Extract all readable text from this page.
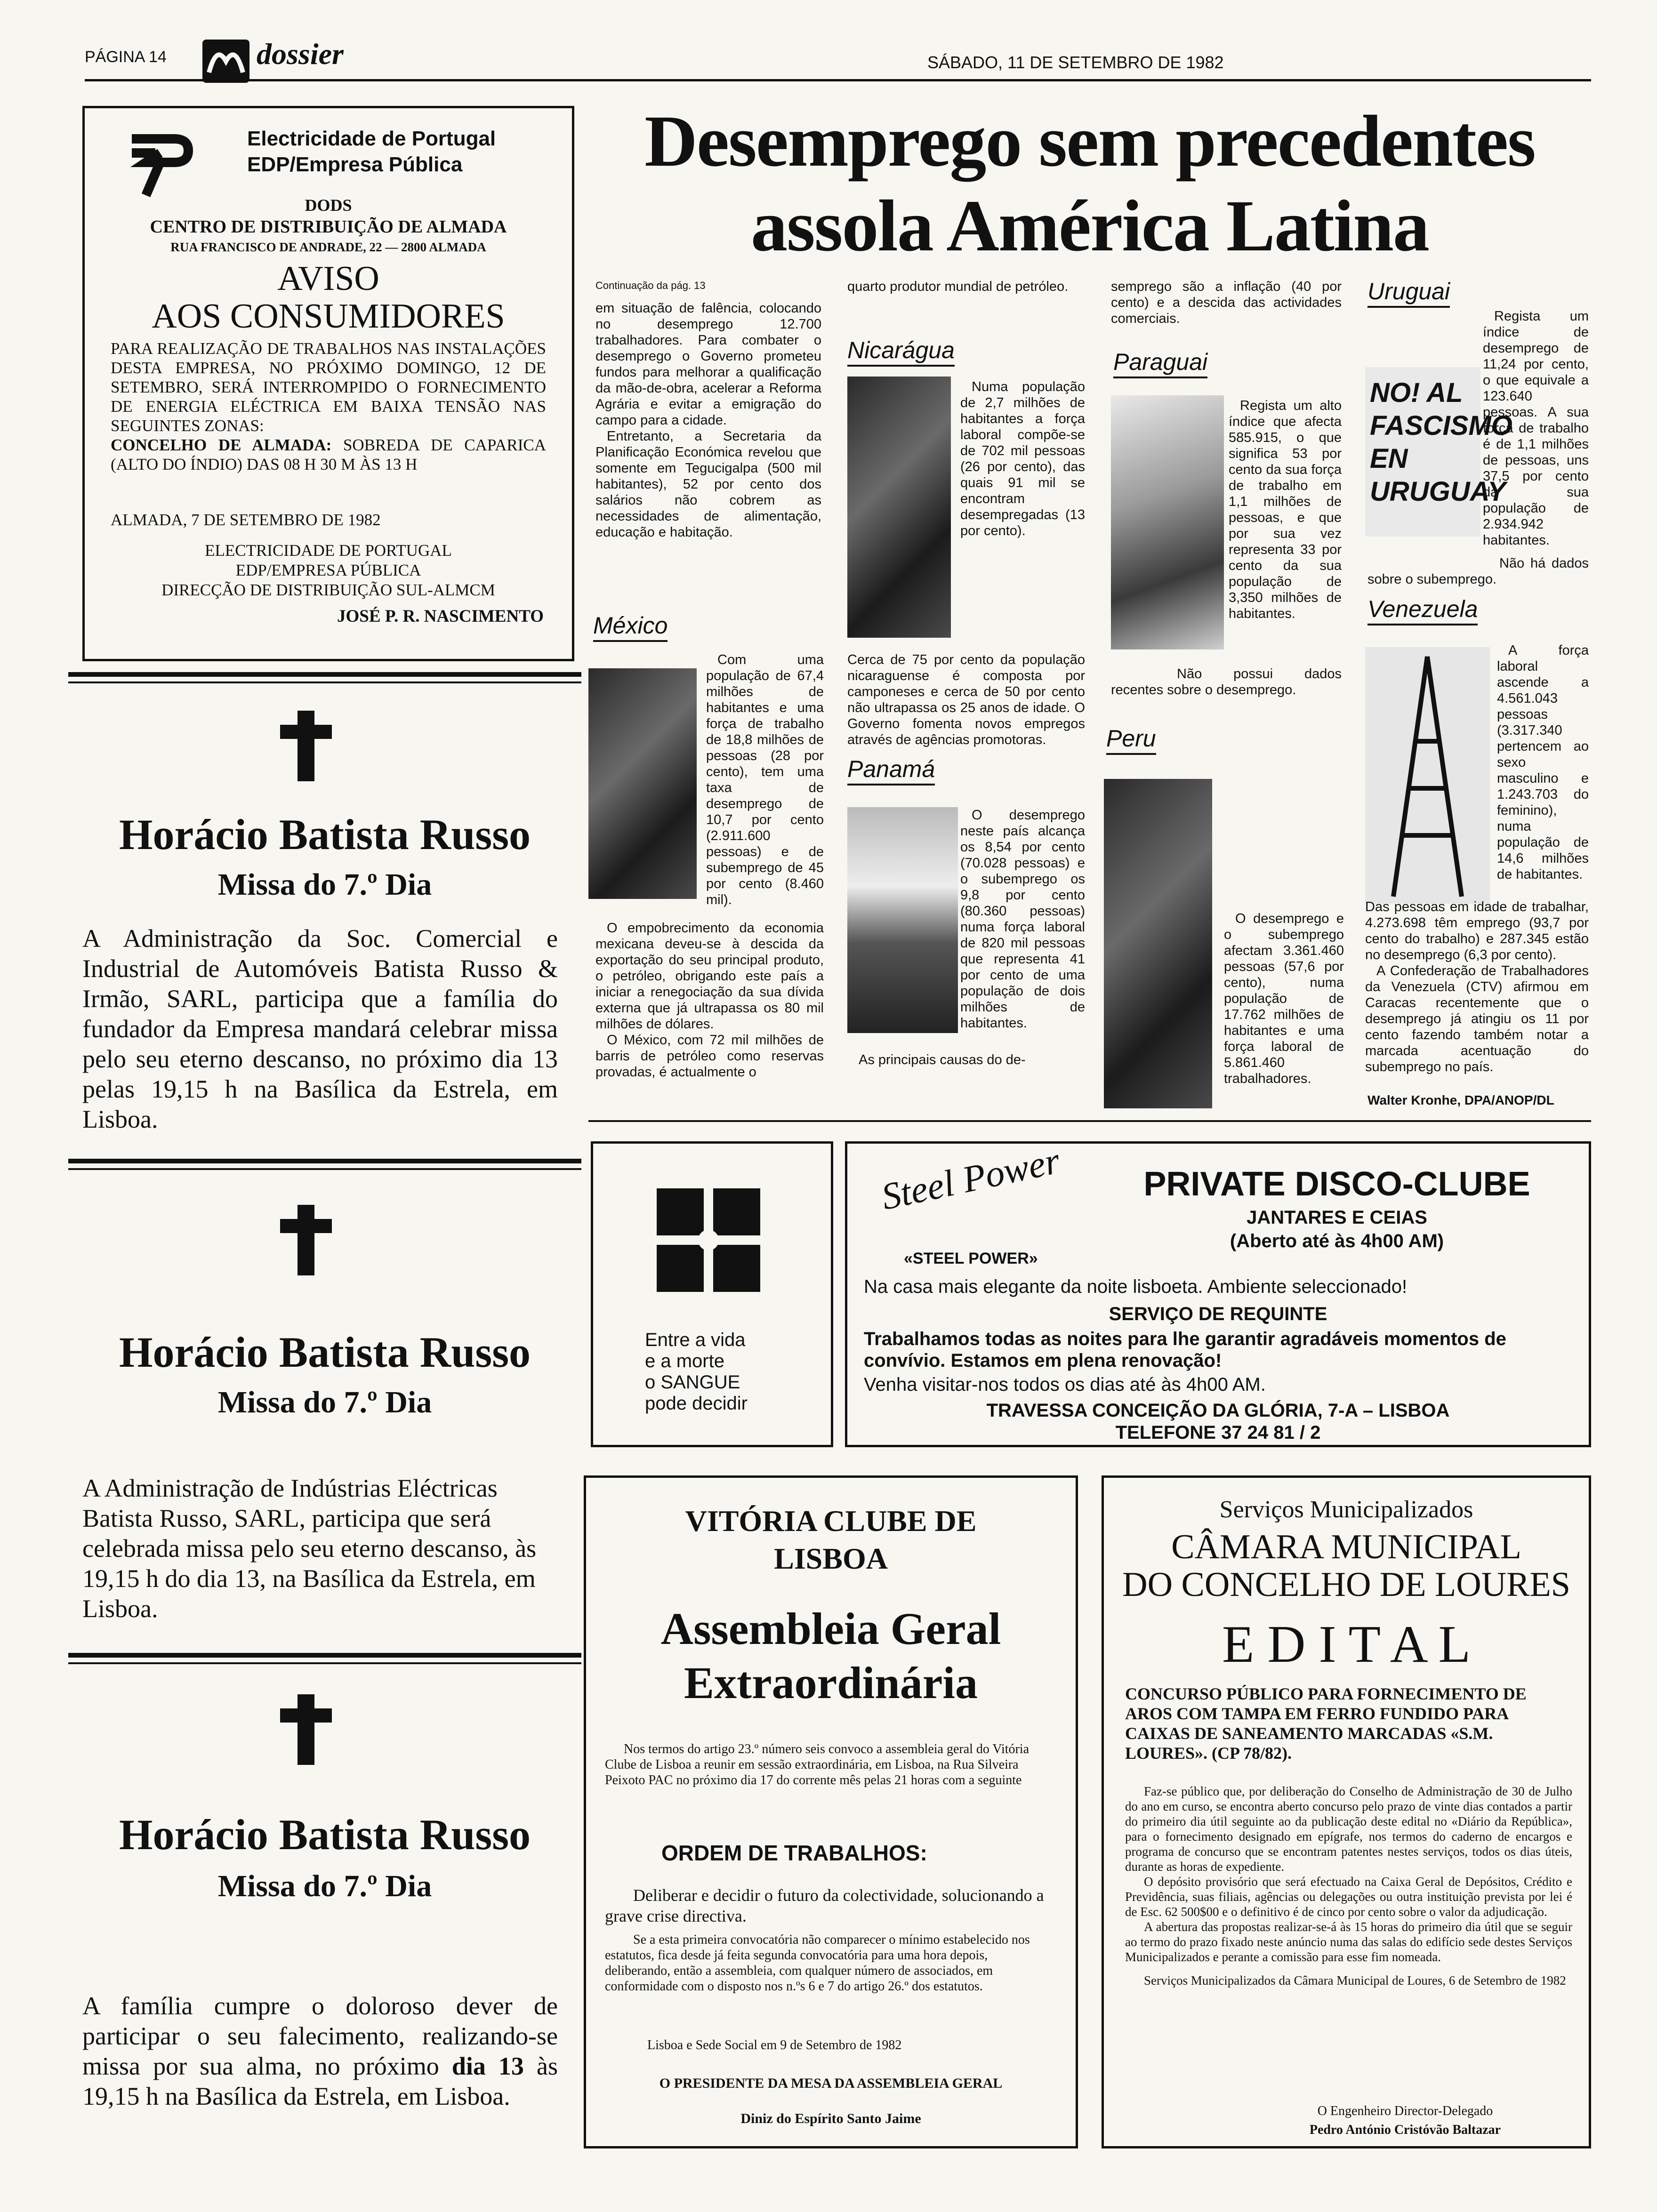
PÁGINA 14	dossier	SÁBADO, 11 DE SETEMBRO DE 1982
Electricidade de Portugal
EDP/Empresa Pública
DODS
CENTRO DE DISTRIBUIÇÃO DE ALMADA
RUA FRANCISCO DE ANDRADE, 22 — 2800 ALMADA
AVISO
AOS CONSUMIDORES
PARA REALIZAÇÃO DE TRABALHOS NAS INSTALAÇÕES DESTA EMPRESA, NO PRÓXIMO DOMINGO, 12 DE SETEMBRO, SERÁ INTERROMPIDO O FORNECIMENTO DE ENERGIA ELÉCTRICA EM BAIXA TENSÃO NAS SEGUINTES ZONAS:
CONCELHO DE ALMADA: SOBREDA DE CAPARICA (ALTO DO ÍNDIO) DAS 08 H 30 M ÀS 13 H
ALMADA, 7 DE SETEMBRO DE 1982
ELECTRICIDADE DE PORTUGAL
EDP/EMPRESA PÚBLICA
DIRECÇÃO DE DISTRIBUIÇÃO SUL-ALMCM
JOSÉ P. R. NASCIMENTO
Horácio Batista Russo
Missa do 7.º Dia
A Administração da Soc. Comercial e Industrial de Automóveis Batista Russo & Irmão, SARL, participa que a família do fundador da Empresa mandará celebrar missa pelo seu eterno descanso, no próximo dia 13 pelas 19,15 h na Basílica da Estrela, em Lisboa.
Horácio Batista Russo
Missa do 7.º Dia
A Administração de Indústrias Eléctricas Batista Russo, SARL, participa que será celebrada missa pelo seu eterno descanso, às 19,15 h do dia 13, na Basílica da Estrela, em Lisboa.
Horácio Batista Russo
Missa do 7.º Dia
A família cumpre o doloroso dever de participar o seu falecimento, realizando-se missa por sua alma, no próximo dia 13 às 19,15 h na Basílica da Estrela, em Lisboa.
Desemprego sem precedentes
assola América Latina

Continuação da pág. 13

em situação de falência, colocando no desemprego 12.700 trabalhadores. Para combater o desemprego o Governo prometeu fundos para melhorar a qualificação da mão-de-obra, acelerar a Reforma Agrária e evitar a emigração do campo para a cidade.

Entretanto, a Secretaria da Planificação Económica revelou que somente em Tegucigalpa (500 mil habitantes), 52 por cento dos salários não cobrem as necessidades de alimentação, educação e habitação.

México

Com uma população de 67,4 milhões de habitantes e uma força de trabalho de 18,8 milhões de pessoas (28 por cento), tem uma taxa de desemprego de 10,7 por cento (2.911.600 pessoas) e de subemprego de 45 por cento (8.460 mil).

O empobrecimento da economia mexicana deveu-se à descida da exportação do seu principal produto, o petróleo, obrigando este país a iniciar a renegociação da sua dívida externa que já ultrapassa os 80 mil milhões de dólares.

O México, com 72 mil milhões de barris de petróleo como reservas provadas, é actualmente o

quarto produtor mundial de petróleo.

Nicarágua

Numa população de 2,7 milhões de habitantes a força laboral compõe-se de 702 mil pessoas (26 por cento), das quais 91 mil se encontram desempregadas (13 por cento).

Cerca de 75 por cento da população nicaraguense é composta por camponeses e cerca de 50 por cento não ultrapassa os 25 anos de idade. O Governo fomenta novos empregos através de agências promotoras.

Panamá

O desemprego neste país alcança os 8,54 por cento (70.028 pessoas) e o subemprego os 9,8 por cento (80.360 pessoas) numa força laboral de 820 mil pessoas que representa 41 por cento de uma população de dois milhões de habitantes.

As principais causas do de-

semprego são a inflação (40 por cento) e a descida das actividades comerciais.

Paraguai

Regista um alto índice que afecta 585.915, o que significa 53 por cento da sua força de trabalho em 1,1 milhões de pessoas, e que por sua vez representa 33 por cento da sua população de 3,350 milhões de habitantes.

Não possui dados recentes sobre o desemprego.

Peru

O desemprego e o subemprego afectam 3.361.460 pessoas (57,6 por cento), numa população de 17.762 milhões de habitantes e uma força laboral de 5.861.460 trabalhadores.

Uruguai
NO! AL FASCISMO EN URUGUAY

Regista um índice de desemprego de 11,24 por cento, o que equivale a 123.640 pessoas. A sua força de trabalho é de 1,1 milhões de pessoas, uns 37,5 por cento da sua população de 2.934.942 habitantes.

Não há dados sobre o subemprego.

Venezuela

A força laboral ascende a 4.561.043 pessoas (3.317.340 pertencem ao sexo masculino e 1.243.703 do feminino), numa população de 14,6 milhões de habitantes.

Das pessoas em idade de trabalhar, 4.273.698 têm emprego (93,7 por cento do trabalho) e 287.345 estão no desemprego (6,3 por cento).

A Confederação de Trabalhadores da Venezuela (CTV) afirmou em Caracas recentemente que o desemprego já atingiu os 11 por cento fazendo também notar a marcada acentuação do subemprego no país.

Walter Kronhe, DPA/ANOP/DL
Entre a vida
e a morte
o SANGUE
pode decidir
Steel Power
«STEEL POWER»
PRIVATE DISCO-CLUBE
JANTARES E CEIAS
(Aberto até às 4h00 AM)
Na casa mais elegante da noite lisboeta. Ambiente seleccionado!
SERVIÇO DE REQUINTE
Trabalhamos todas as noites para lhe garantir agradáveis momentos de convívio. Estamos em plena renovação!
Venha visitar-nos todos os dias até às 4h00 AM.
TRAVESSA CONCEIÇÃO DA GLÓRIA, 7-A – LISBOA
TELEFONE 37 24 81 / 2
VITÓRIA CLUBE DE
LISBOA
Assembleia Geral
Extraordinária
Nos termos do artigo 23.º número seis convoco a assembleia geral do Vitória Clube de Lisboa a reunir em sessão extraordinária, em Lisboa, na Rua Silveira Peixoto PAC no próximo dia 17 do corrente mês pelas 21 horas com a seguinte
ORDEM DE TRABALHOS:
Deliberar e decidir o futuro da colectividade, solucionando a grave crise directiva.
Se a esta primeira convocatória não comparecer o mínimo estabelecido nos estatutos, fica desde já feita segunda convocatória para uma hora depois, deliberando, então a assembleia, com qualquer número de associados, em conformidade com o disposto nos n.ºs 6 e 7 do artigo 26.º dos estatutos.
Lisboa e Sede Social em 9 de Setembro de 1982
O PRESIDENTE DA MESA DA ASSEMBLEIA GERAL
Diniz do Espírito Santo Jaime
Serviços Municipalizados
CÂMARA MUNICIPAL
DO CONCELHO DE LOURES
E D I T A L
CONCURSO PÚBLICO PARA FORNECIMENTO DE AROS COM TAMPA EM FERRO FUNDIDO PARA CAIXAS DE SANEAMENTO MARCADAS «S.M. LOURES». (CP 78/82).

Faz-se público que, por deliberação do Conselho de Administração de 30 de Julho do ano em curso, se encontra aberto concurso pelo prazo de vinte dias contados a partir do primeiro dia útil seguinte ao da publicação deste edital no «Diário da República», para o fornecimento designado em epígrafe, nos termos do caderno de encargos e programa de concurso que se encontram patentes nestes serviços, todos os dias úteis, durante as horas de expediente.

O depósito provisório que será efectuado na Caixa Geral de Depósitos, Crédito e Previdência, suas filiais, agências ou delegações ou outra instituição prevista por lei é de Esc. 62 500$00 e o definitivo é de cinco por cento sobre o valor da adjudicação.

A abertura das propostas realizar-se-á às 15 horas do primeiro dia útil que se seguir ao termo do prazo fixado neste anúncio numa das salas do edifício sede destes Serviços Municipalizados e perante a comissão para esse fim nomeada.

Serviços Municipalizados da Câmara Municipal de Loures, 6 de Setembro de 1982

O Engenheiro Director-Delegado
Pedro António Cristóvão Baltazar
